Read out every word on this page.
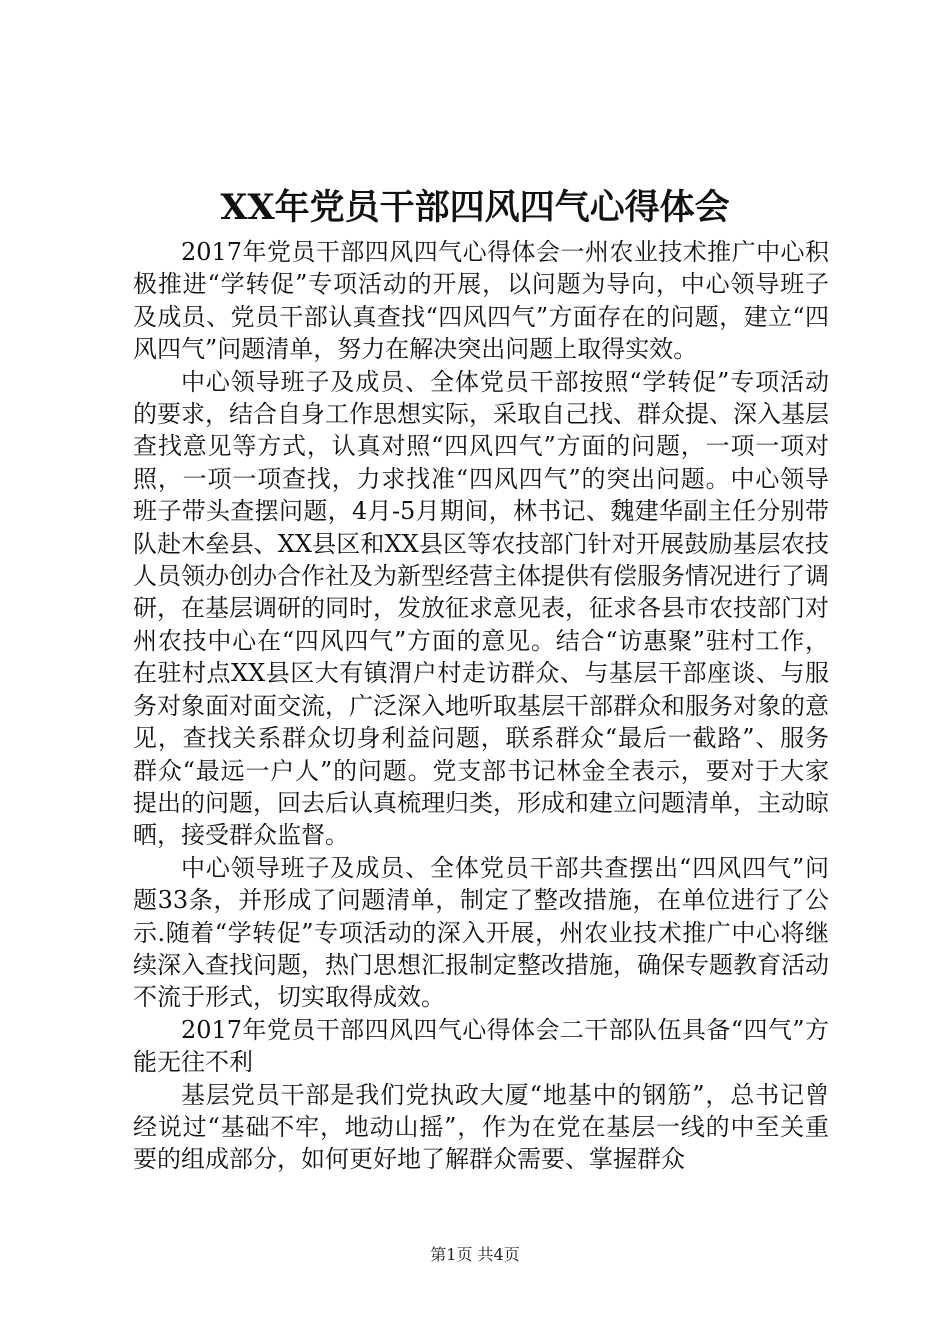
XX年党员干部四风四气心得体会

2017年党员干部四风四气心得体会一州农业技术推广中心积极推进“学转促”专项活动的开展，以问题为导向，中心领导班子及成员、党员干部认真查找“四风四气”方面存在的问题，建立“四风四气”问题清单，努力在解决突出问题上取得实效。

中心领导班子及成员、全体党员干部按照“学转促”专项活动的要求，结合自身工作思想实际，采取自己找、群众提、深入基层查找意见等方式，认真对照“四风四气”方面的问题，一项一项对照，一项一项查找，力求找准“四风四气”的突出问题。中心领导班子带头查摆问题，4月-5月期间，林书记、魏建华副主任分别带队赴木垒县、XX县区和XX县区等农技部门针对开展鼓励基层农技人员领办创办合作社及为新型经营主体提供有偿服务情况进行了调研，在基层调研的同时，发放征求意见表，征求各县市农技部门对州农技中心在“四风四气”方面的意见。结合“访惠聚”驻村工作，在驻村点XX县区大有镇渭户村走访群众、与基层干部座谈、与服务对象面对面交流，广泛深入地听取基层干部群众和服务对象的意见，查找关系群众切身利益问题，联系群众“最后一截路”、服务群众“最远一户人”的问题。党支部书记林金全表示，要对于大家提出的问题，回去后认真梳理归类，形成和建立问题清单，主动晾晒，接受群众监督。

中心领导班子及成员、全体党员干部共查摆出“四风四气”问题33条，并形成了问题清单，制定了整改措施，在单位进行了公示.随着“学转促”专项活动的深入开展，州农业技术推广中心将继续深入查找问题，热门思想汇报制定整改措施，确保专题教育活动不流于形式，切实取得成效。

2017年党员干部四风四气心得体会二干部队伍具备“四气”方能无往不利

基层党员干部是我们党执政大厦“地基中的钢筋”，总书记曾经说过“基础不牢，地动山摇”，作为在党在基层一线的中至关重要的组成部分，如何更好地了解群众需要、掌握群众

第1页 共4页
